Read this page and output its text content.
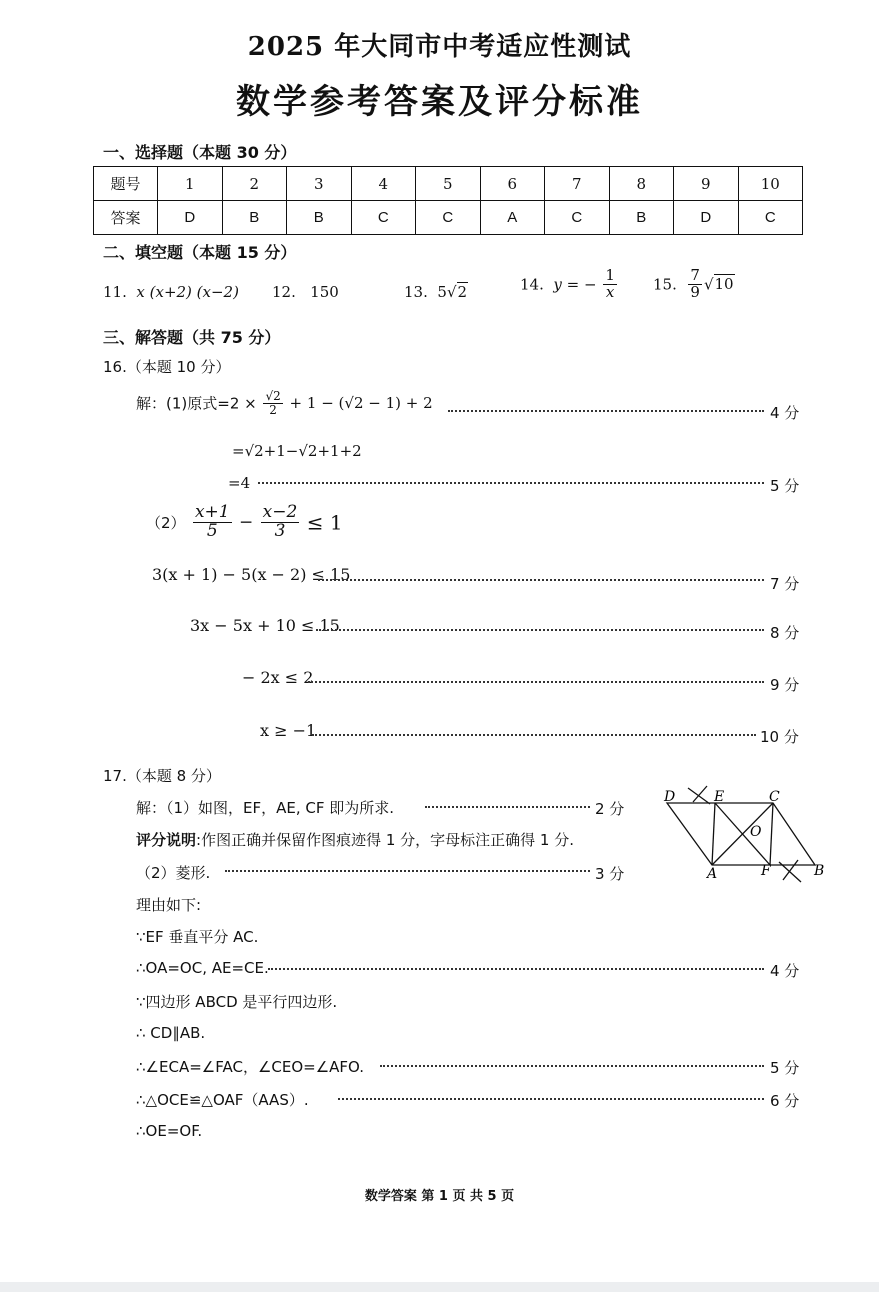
2025 年大同市中考适应性测试
数学参考答案及评分标准
一、选择题（本题 30 分）
题号	1	2	3	4	5	6	7	8	9	10
答案	D	B	B	C	C	A	C	B	D	C
二、填空题（本题 15 分）
11. x (x+2) (x−2) 12. 150	13. 5√2	14. y = − $\frac{1}{x} 15$. $\frac{7}{9} √10$
三、解答题（共 75 分）
16.（本题 10 分）
解：(1)原式$=2 \times \frac{√2}{2} + 1 - (√2 - 1) + 2$
4 分
=√2+1−√2+1+2
=4	5 分
$(2) \frac{x+1}{5} - \frac{x-2}{3} \le 1$
3(x + 1) − 5(x − 2) ≤ 15	7 分
3x − 5x + 10 ≤ 15	8 分
− 2x ≤ 2	9 分
x ≥ −1	10 分
17.（本题 8 分）
解：（1）如图，EF，AE, CF 即为所求.	2 分
评分说明:作图正确并保留作图痕迹得 1 分，字母标注正确得 1 分.
（2）菱形.	3 分
理由如下:
∵EF 垂直平分 AC.
∴OA=OC, AE=CE.	4 分
∵四边形 ABCD 是平行四边形.
∴ CD∥AB.
∴∠ECA=∠FAC，∠CEO=∠AFO.	5 分
∴△OCE≌△OAF（AAS）.	6 分
∴OE=OF.
D	E	C
O
A	F	B
数学答案 第 1 页 共 5 页
